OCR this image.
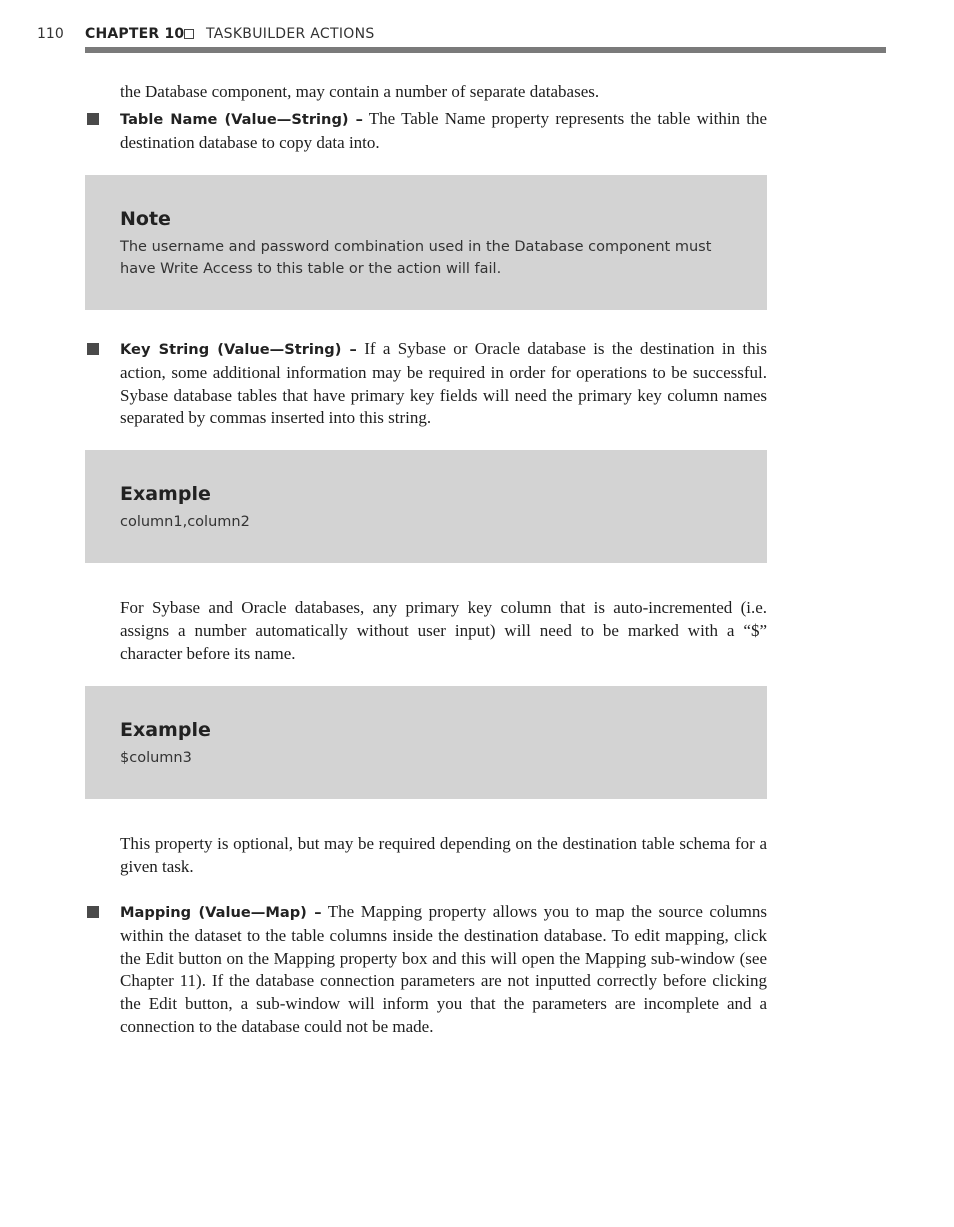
110 CHAPTER 10 TASKBUILDER ACTIONS

the Database component, may contain a number of separate databases.

Table Name (Value—String) – The Table Name property represents the table within the destination database to copy data into.

Note

The username and password combination used in the Database component must have Write Access to this table or the action will fail.

Key String (Value—String) – If a Sybase or Oracle database is the destination in this action, some additional information may be required in order for operations to be successful. Sybase database tables that have primary key fields will need the primary key column names separated by commas inserted into this string.

Example

column1,column2

For Sybase and Oracle databases, any primary key column that is auto-incremented (i.e. assigns a number automatically without user input) will need to be marked with a “$” character before its name.

Example

$column3

This property is optional, but may be required depending on the destination table schema for a given task.

Mapping (Value—Map) – The Mapping property allows you to map the source columns within the dataset to the table columns inside the destination database. To edit mapping, click the Edit button on the Mapping property box and this will open the Mapping sub-window (see Chapter 11). If the database connection parameters are not inputted correctly before clicking the Edit button, a sub-window will inform you that the parameters are incomplete and a connection to the database could not be made.
